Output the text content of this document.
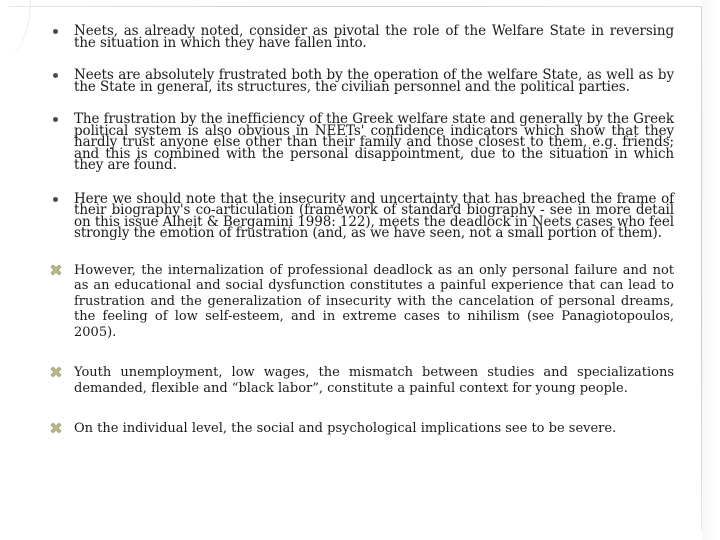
Neets, as already noted, consider as pivotal the role of the Welfare State in reversing the situation in which they have fallen into.
Neets are absolutely frustrated both by the operation of the welfare State, as well as by the State in general, its structures, the civilian personnel and the political parties.
The frustration by the inefficiency of the Greek welfare state and generally by the Greek political system is also obvious in NEETs' confidence indicators which show that they hardly trust anyone else other than their family and those closest to them, e.g. friends; and this is combined with the personal disappointment, due to the situation in which they are found.
Here we should note that the insecurity and uncertainty that has breached the frame of their biography's co-articulation (framework of standard biography - see in more detail on this issue Alheit & Bergamini 1998: 122), meets the deadlock in Neets cases who feel strongly the emotion of frustration (and, as we have seen, not a small portion of them).
However, the internalization of professional deadlock as an only personal failure and not as an educational and social dysfunction constitutes a painful experience that can lead to frustration and the generalization of insecurity with the cancelation of personal dreams, the feeling of low self-esteem, and in extreme cases to nihilism (see Panagiotopoulos, 2005).
Youth unemployment, low wages, the mismatch between studies and specializations demanded, flexible and “black labor”, constitute a painful context for young people.
On the individual level, the social and psychological implications see to be severe.
